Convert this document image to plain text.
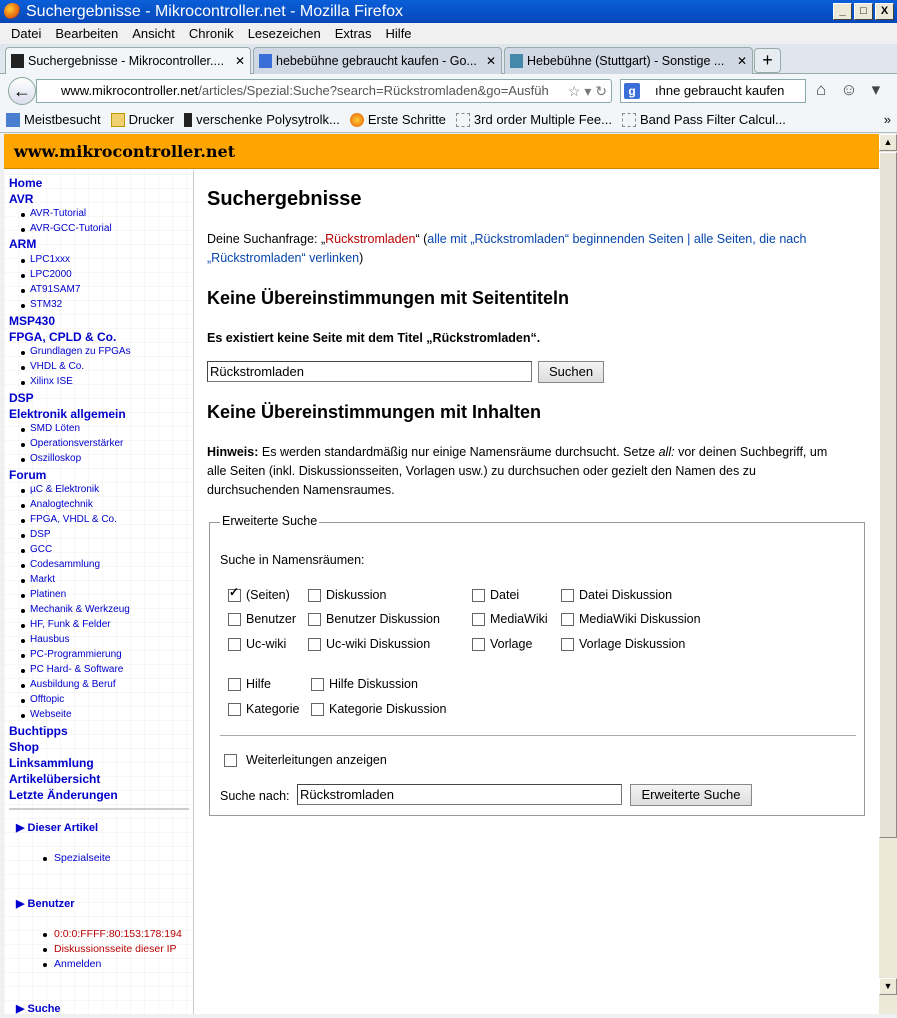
Suchergebnisse - Mikrocontroller.net - Mozilla Firefox	_	□	X
Datei	Bearbeiten	Ansicht	Chronik	Lesezeichen	Extras	Hilfe
Suchergebnisse - Mikrocontroller.... ✕	hebebühne gebraucht kaufen - Go... ✕	Hebebühne (Stuttgart) - Sonstige ... ✕ +
←	www.mikrocontroller.net/articles/Spezial:Suche?search=Rückstromladen&go=Ausfüh ☆ ▾ ↻	g	ıhne gebraucht kaufen	⌂ ☺ ▾
Meistbesucht Drucker verschenke Polysytrolk... Erste Schritte 3rd order Multiple Fee... Band Pass Filter Calcul...	»
www.mikrocontroller.net
Home
AVR
AVR-Tutorial
AVR-GCC-Tutorial
ARM
LPC1xxx
LPC2000
AT91SAM7
STM32
MSP430
FPGA, CPLD & Co.
Grundlagen zu FPGAs
VHDL & Co.
Xilinx ISE
DSP
Elektronik allgemein
SMD Löten
Operationsverstärker
Oszilloskop
Forum
µC & Elektronik
Analogtechnik
FPGA, VHDL & Co.
DSP
GCC
Codesammlung
Markt
Platinen
Mechanik & Werkzeug
HF, Funk & Felder
Hausbus
PC-Programmierung
PC Hard- & Software
Ausbildung & Beruf
Offtopic
Webseite
Buchtipps
Shop
Linksammlung
Artikelübersicht
Letzte Änderungen
▶ Dieser Artikel
Spezialseite
▶ Benutzer
0:0:0:FFFF:80:153:178:194
Diskussionsseite dieser IP
Anmelden
▶ Suche
Suchergebnisse
Deine Suchanfrage: „Rückstromladen“ (alle mit „Rückstromladen“ beginnenden Seiten | alle Seiten, die nach
„Rückstromladen“ verlinken)
Keine Übereinstimmungen mit Seitentiteln
Es existiert keine Seite mit dem Titel „Rückstromladen“.
Rückstromladen	Suchen
Keine Übereinstimmungen mit Inhalten
Hinweis: Es werden standardmäßig nur einige Namensräume durchsucht. Setze all: vor deinen Suchbegriff, um
alle Seiten (inkl. Diskussionsseiten, Vorlagen usw.) zu durchsuchen oder gezielt den Namen des zu
durchsuchenden Namensraumes.
Erweiterte Suche
Suche in Namensräumen:
(Seiten) ✓	Diskussion	Datei	Datei Diskussion
Benutzer	Benutzer Diskussion	MediaWiki	MediaWiki Diskussion
Uc-wiki	Uc-wiki Diskussion	Vorlage	Vorlage Diskussion
Hilfe	Hilfe Diskussion
Kategorie	Kategorie Diskussion
Weiterleitungen anzeigen
Suche nach: Rückstromladen	Erweiterte Suche
▲
▼
